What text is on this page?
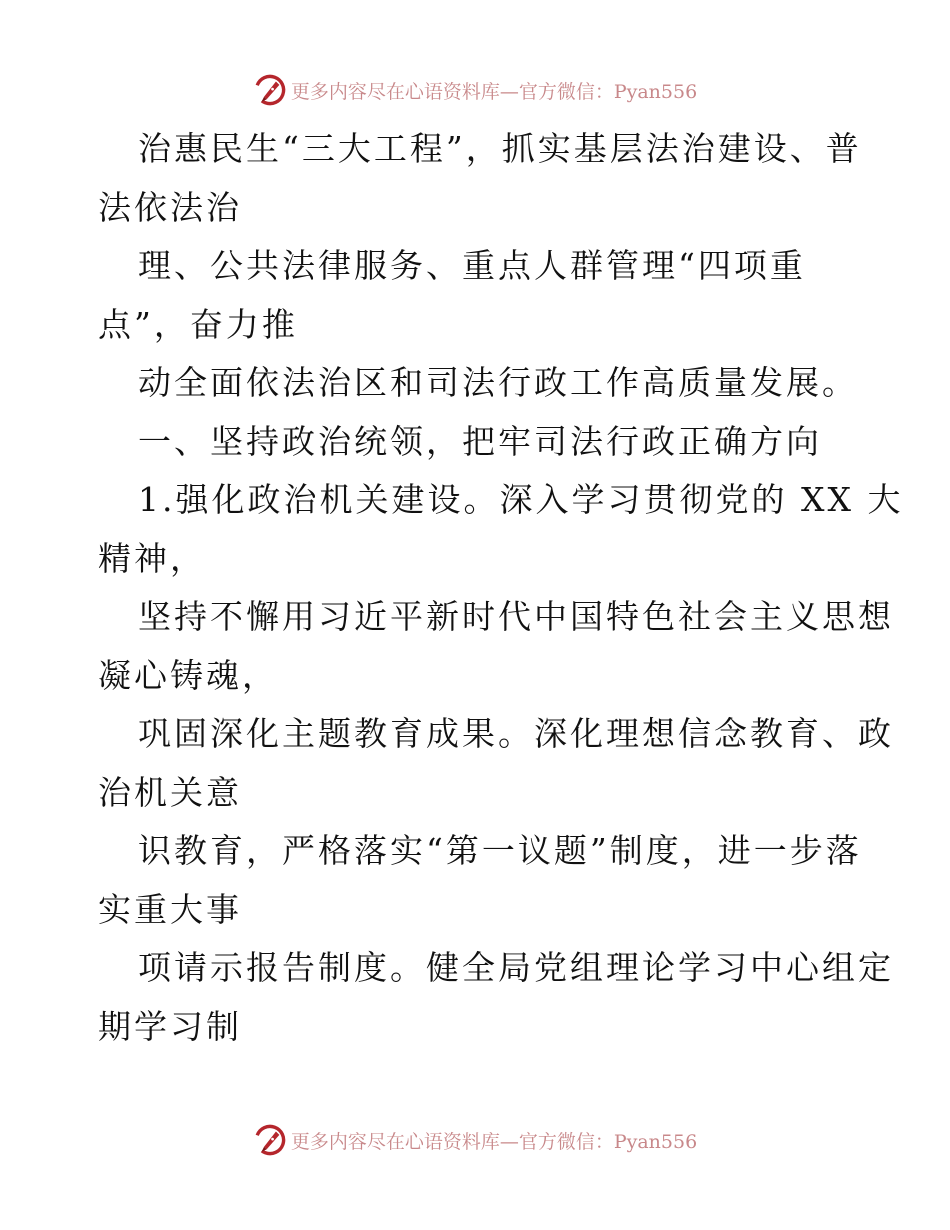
更多内容尽在心语资料库—官方微信：Pyan556
治惠民生“三大工程”，抓实基层法治建设、普
法依法治
理、公共法律服务、重点人群管理“四项重
点”，奋力推
动全面依法治区和司法行政工作高质量发展。
一、坚持政治统领，把牢司法行政正确方向
1.强化政治机关建设。深入学习贯彻党的 XX 大
精神，
坚持不懈用习近平新时代中国特色社会主义思想
凝心铸魂，
巩固深化主题教育成果。深化理想信念教育、政
治机关意
识教育，严格落实“第一议题”制度，进一步落
实重大事
项请示报告制度。健全局党组理论学习中心组定
期学习制
更多内容尽在心语资料库—官方微信：Pyan556
